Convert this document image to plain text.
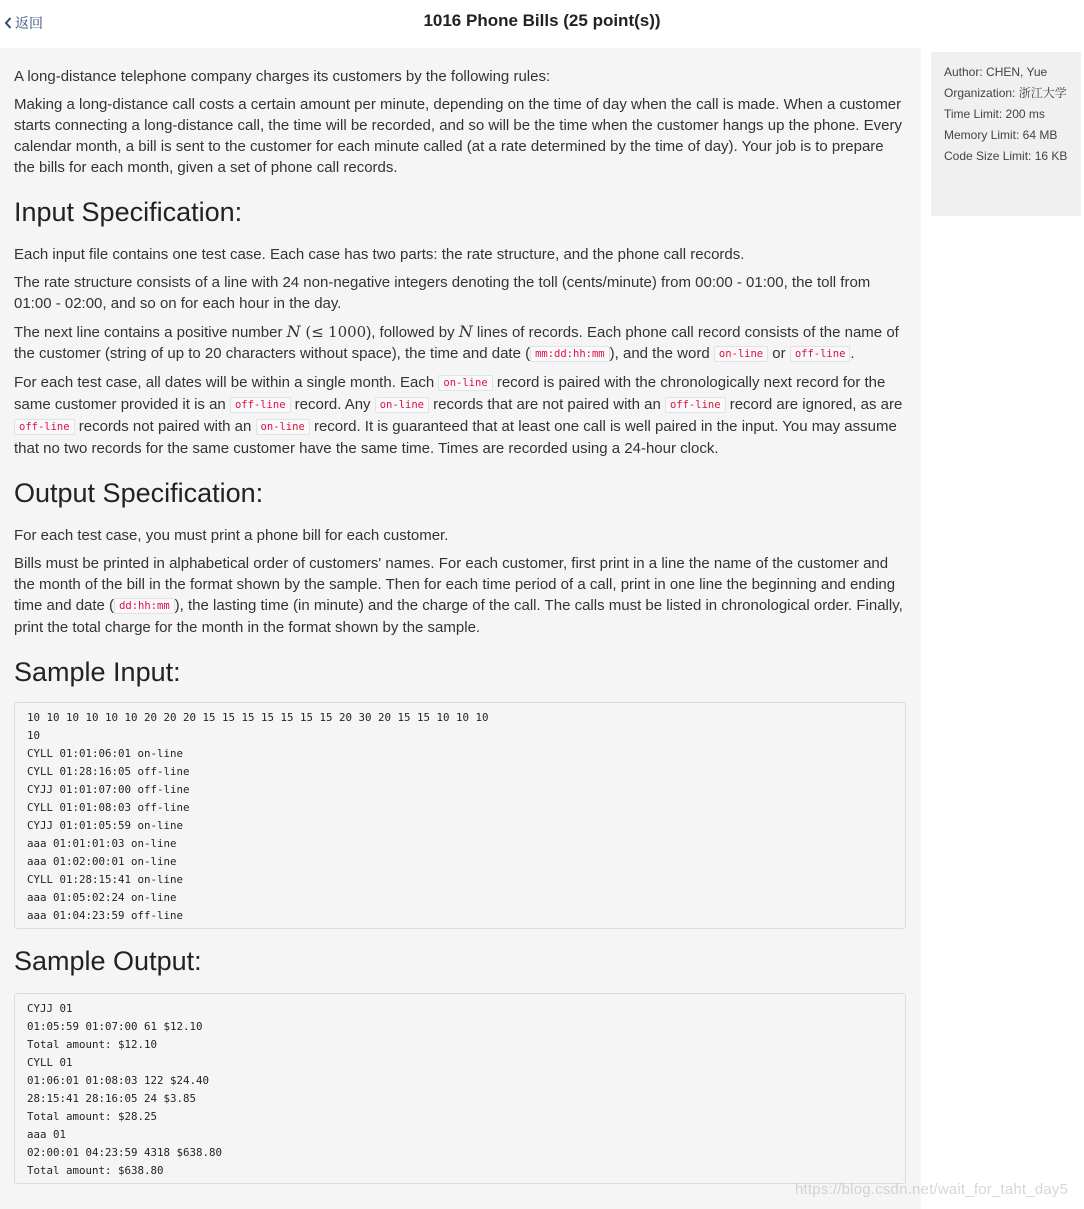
返回	1016 Phone Bills (25 point(s))

A long-distance telephone company charges its customers by the following rules:

Making a long-distance call costs a certain amount per minute, depending on the time of day when the call is made. When a customer starts connecting a long-distance call, the time will be recorded, and so will be the time when the customer hangs up the phone. Every calendar month, a bill is sent to the customer for each minute called (at a rate determined by the time of day). Your job is to prepare the bills for each month, given a set of phone call records.

Input Specification:

Each input file contains one test case. Each case has two parts: the rate structure, and the phone call records.

The rate structure consists of a line with 24 non-negative integers denoting the toll (cents/minute) from 00:00 - 01:00, the toll from 01:00 - 02:00, and so on for each hour in the day.

The next line contains a positive number N (≤ 1000), followed by N lines of records. Each phone call record consists of the name of the customer (string of up to 20 characters without space), the time and date ( mm:dd:hh:mm ), and the word on-line or off-line .

For each test case, all dates will be within a single month. Each on-line record is paired with the chronologically next record for the same customer provided it is an off-line record. Any on-line records that are not paired with an off-line record are ignored, as are off-line records not paired with an on-line record. It is guaranteed that at least one call is well paired in the input. You may assume that no two records for the same customer have the same time. Times are recorded using a 24-hour clock.

Output Specification:

For each test case, you must print a phone bill for each customer.

Bills must be printed in alphabetical order of customers' names. For each customer, first print in a line the name of the customer and the month of the bill in the format shown by the sample. Then for each time period of a call, print in one line the beginning and ending time and date ( dd:hh:mm ), the lasting time (in minute) and the charge of the call. The calls must be listed in chronological order. Finally, print the total charge for the month in the format shown by the sample.

Sample Input:
10 10 10 10 10 10 20 20 20 15 15 15 15 15 15 15 20 30 20 15 15 10 10 10
10
CYLL 01:01:06:01 on-line
CYLL 01:28:16:05 off-line
CYJJ 01:01:07:00 off-line
CYLL 01:01:08:03 off-line
CYJJ 01:01:05:59 on-line
aaa 01:01:01:03 on-line
aaa 01:02:00:01 on-line
CYLL 01:28:15:41 on-line
aaa 01:05:02:24 on-line
aaa 01:04:23:59 off-line
Sample Output:
CYJJ 01
01:05:59 01:07:00 61 $12.10
Total amount: $12.10
CYLL 01
01:06:01 01:08:03 122 $24.40
28:15:41 28:16:05 24 $3.85
Total amount: $28.25
aaa 01
02:00:01 04:23:59 4318 $638.80
Total amount: $638.80
Author: CHEN, Yue
Organization: 浙江大学
Time Limit: 200 ms
Memory Limit: 64 MB
Code Size Limit: 16 KB
https://blog.csdn.net/wait_for_taht_day5
